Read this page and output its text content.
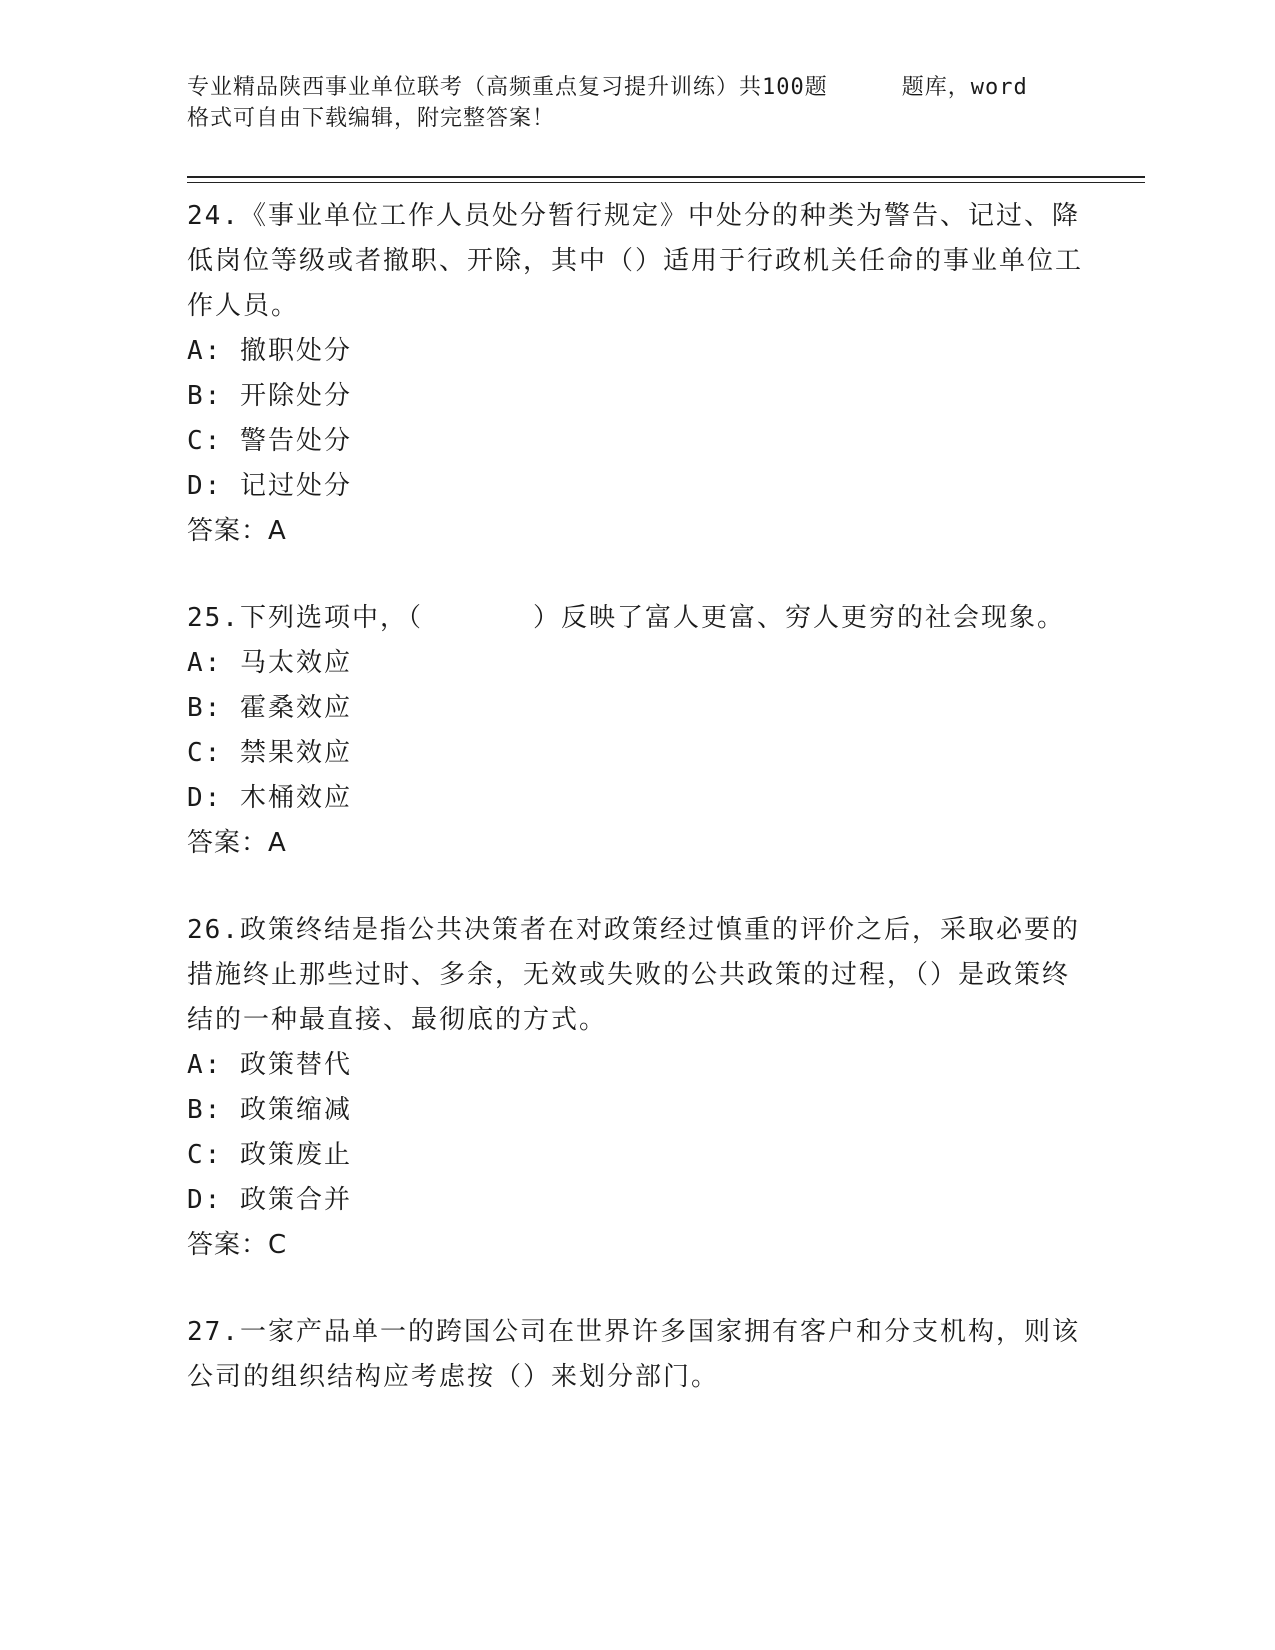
专业精品陕西事业单位联考（高频重点复习提升训练）共100题	题库，word
格式可自由下载编辑，附完整答案！
24.《事业单位工作人员处分暂行规定》中处分的种类为警告、记过、降低岗位等级或者撤职、开除，其中（）适用于行政机关任命的事业单位工作人员。
A: 撤职处分
B: 开除处分
C: 警告处分
D: 记过处分
答案：A
25.下列选项中，（	）反映了富人更富、穷人更穷的社会现象。
A: 马太效应
B: 霍桑效应
C: 禁果效应
D: 木桶效应
答案：A
26.政策终结是指公共决策者在对政策经过慎重的评价之后，采取必要的措施终止那些过时、多余，无效或失败的公共政策的过程，（）是政策终结的一种最直接、最彻底的方式。
A: 政策替代
B: 政策缩减
C: 政策废止
D: 政策合并
答案：C
27.一家产品单一的跨国公司在世界许多国家拥有客户和分支机构，则该公司的组织结构应考虑按（）来划分部门。
